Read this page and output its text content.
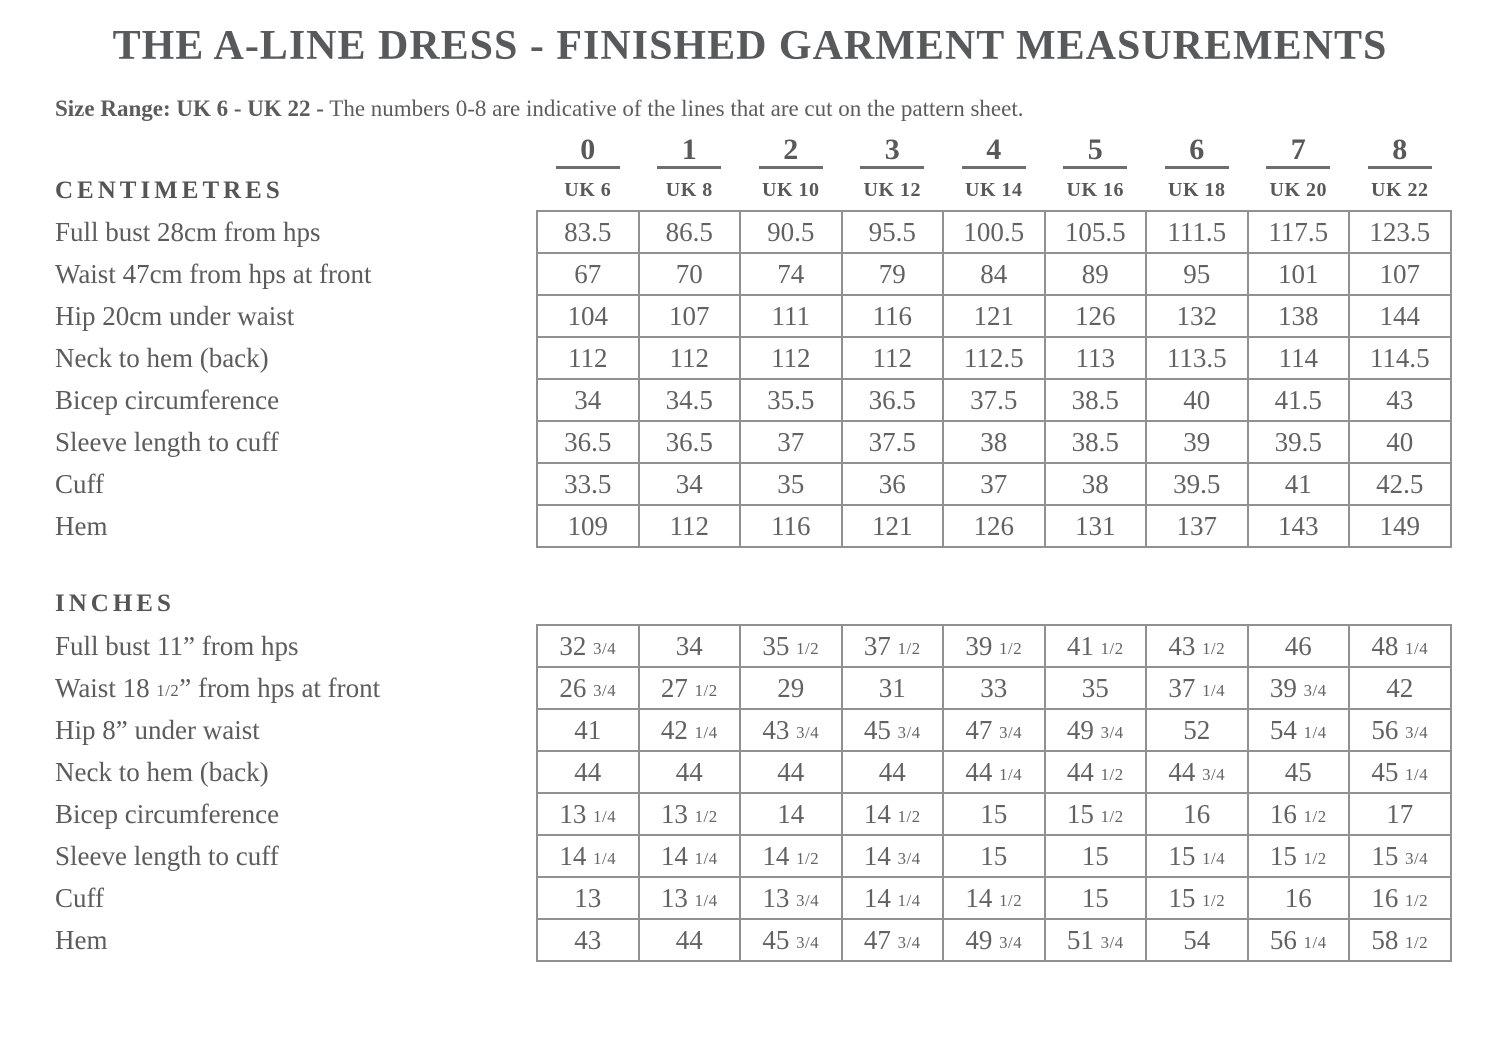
THE A-LINE DRESS - FINISHED GARMENT MEASUREMENTS

Size Range: UK 6 - UK 22 - The numbers 0-8 are indicative of the lines that are cut on the pattern sheet.

	0	1	2	3	4	5	6	7	8
CENTIMETRES	UK 6	UK 8	UK 10	UK 12	UK 14	UK 16	UK 18	UK 20	UK 22
Full bust 28cm from hps	83.5	86.5	90.5	95.5	100.5	105.5	111.5	117.5	123.5
Waist 47cm from hps at front	67	70	74	79	84	89	95	101	107
Hip 20cm under waist	104	107	111	116	121	126	132	138	144
Neck to hem (back)	112	112	112	112	112.5	113	113.5	114	114.5
Bicep circumference	34	34.5	35.5	36.5	37.5	38.5	40	41.5	43
Sleeve length to cuff	36.5	36.5	37	37.5	38	38.5	39	39.5	40
Cuff	33.5	34	35	36	37	38	39.5	41	42.5
Hem	109	112	116	121	126	131	137	143	149
INCHES
Full bust 11” from hps	32 3/4	34	35 1/2	37 1/2	39 1/2	41 1/2	43 1/2	46	48 1/4
Waist 18 1/2” from hps at front	26 3/4	27 1/2	29	31	33	35	37 1/4	39 3/4	42
Hip 8” under waist	41	42 1/4	43 3/4	45 3/4	47 3/4	49 3/4	52	54 1/4	56 3/4
Neck to hem (back)	44	44	44	44	44 1/4	44 1/2	44 3/4	45	45 1/4
Bicep circumference	13 1/4	13 1/2	14	14 1/2	15	15 1/2	16	16 1/2	17
Sleeve length to cuff	14 1/4	14 1/4	14 1/2	14 3/4	15	15	15 1/4	15 1/2	15 3/4
Cuff	13	13 1/4	13 3/4	14 1/4	14 1/2	15	15 1/2	16	16 1/2
Hem	43	44	45 3/4	47 3/4	49 3/4	51 3/4	54	56 1/4	58 1/2
